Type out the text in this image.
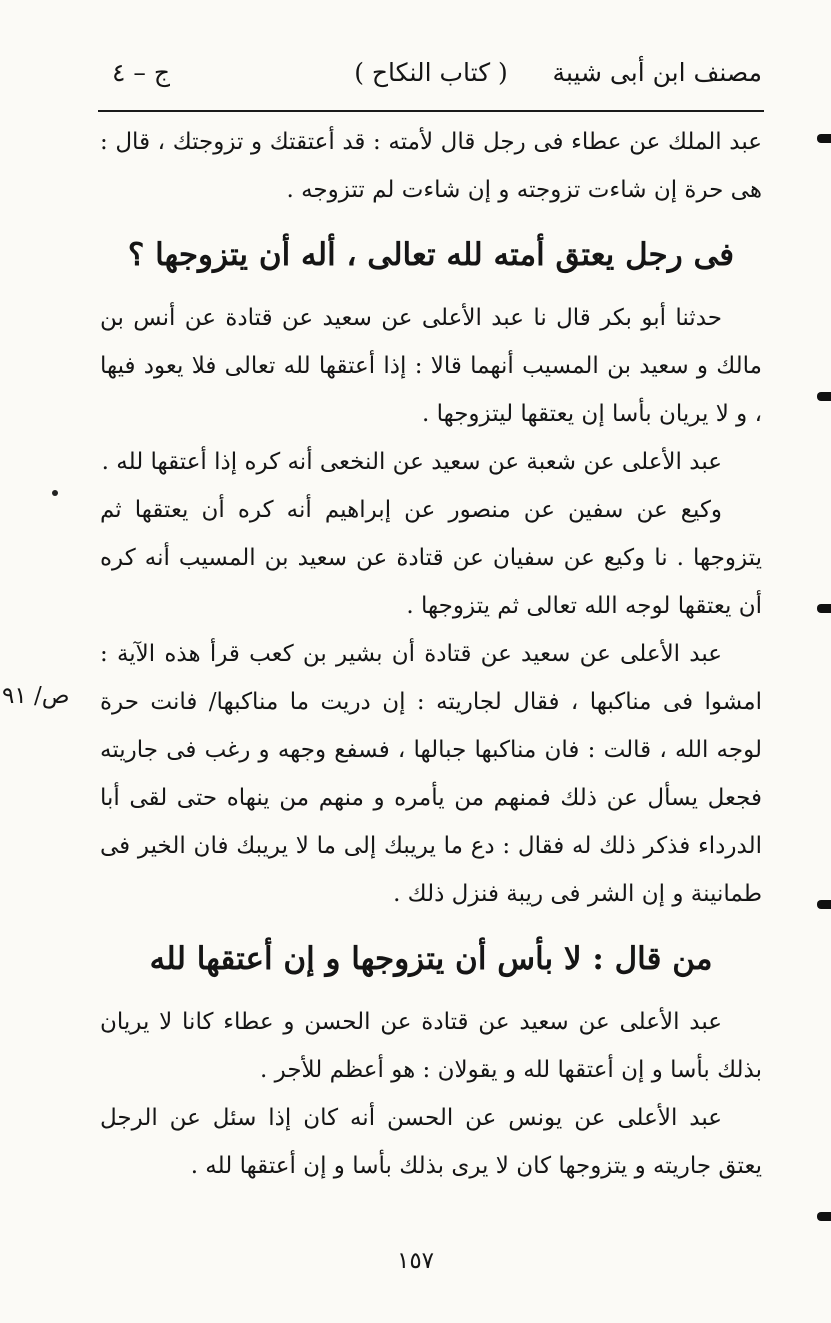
مصنف ابن أبى شيبة
( كتاب النكاح )
ج – ٤

عبد الملك عن عطاء فى رجل قال لأمته : قد أعتقتك و تزوجتك ، قال : هى حرة إن شاءت تزوجته و إن شاءت لم تتزوجه .

فى رجل يعتق أمته لله تعالى ، أله أن يتزوجها ؟

حدثنا أبو بكر قال نا عبد الأعلى عن سعيد عن قتادة عن أنس بن مالك و سعيد بن المسيب أنهما قالا : إذا أعتقها لله تعالى فلا يعود فيها ، و لا يريان بأسا إن يعتقها ليتزوجها .

عبد الأعلى عن شعبة عن سعيد عن النخعى أنه كره إذا أعتقها لله .

وكيع عن سفين عن منصور عن إبراهيم أنه كره أن يعتقها ثم يتزوجها . نا وكيع عن سفيان عن قتادة عن سعيد بن المسيب أنه كره أن يعتقها لوجه الله تعالى ثم يتزوجها .

عبد الأعلى عن سعيد عن قتادة أن بشير بن كعب قرأ هذه الآية : امشوا فى مناكبها ، فقال لجاريته : إن دريت ما مناكبها/ فانت حرة لوجه الله ، قالت : فان مناكبها جبالها ، فسفع وجهه و رغب فى جاريته فجعل يسأل عن ذلك فمنهم من يأمره و منهم من ينهاه حتى لقى أبا الدرداء فذكر ذلك له فقال : دع ما يريبك إلى ما لا يريبك فان الخير فى طمانينة و إن الشر فى ريبة فنزل ذلك .

من قال : لا بأس أن يتزوجها و إن أعتقها لله

عبد الأعلى عن سعيد عن قتادة عن الحسن و عطاء كانا لا يريان بذلك بأسا و إن أعتقها لله و يقولان : هو أعظم للأجر .

عبد الأعلى عن يونس عن الحسن أنه كان إذا سئل عن الرجل يعتق جاريته و يتزوجها كان لا يرى بذلك بأسا و إن أعتقها لله .

ص/ ٩١
١٥٧
